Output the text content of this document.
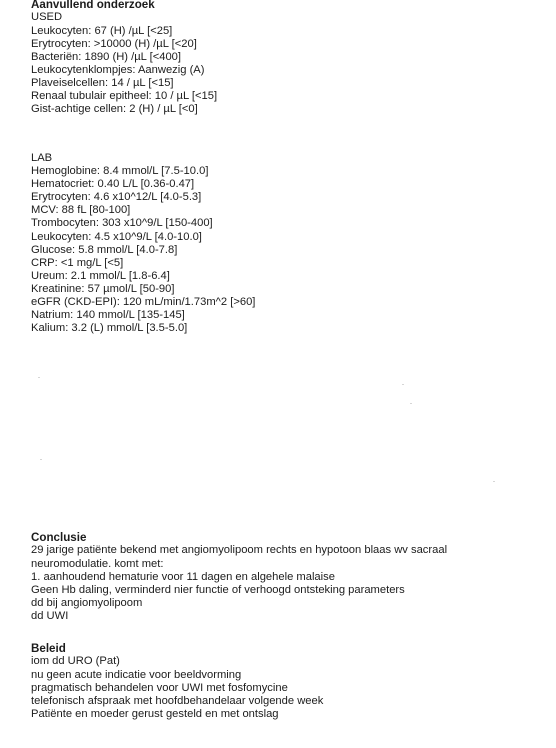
Aanvullend onderzoek
USED
Leukocyten: 67 (H) /µL [<25]
Erytrocyten: >10000 (H) /µL [<20]
Bacteriën: 1890 (H) /µL [<400]
Leukocytenklompjes: Aanwezig (A)
Plaveiselcellen: 14 / µL [<15]
Renaal tubulair epitheel: 10 / µL [<15]
Gist-achtige cellen: 2 (H) / µL [<0]
LAB
Hemoglobine: 8.4 mmol/L [7.5-10.0]
Hematocriet: 0.40 L/L [0.36-0.47]
Erytrocyten: 4.6 x10^12/L [4.0-5.3]
MCV: 88 fL [80-100]
Trombocyten: 303 x10^9/L [150-400]
Leukocyten: 4.5 x10^9/L [4.0-10.0]
Glucose: 5.8 mmol/L [4.0-7.8]
CRP: <1 mg/L [<5]
Ureum: 2.1 mmol/L [1.8-6.4]
Kreatinine: 57 µmol/L [50-90]
eGFR (CKD-EPI): 120 mL/min/1.73m^2 [>60]
Natrium: 140 mmol/L [135-145]
Kalium: 3.2 (L) mmol/L [3.5-5.0]
Conclusie
29 jarige patiënte bekend met angiomyolipoom rechts en hypotoon blaas wv sacraal
neuromodulatie. komt met:
1. aanhoudend hematurie voor 11 dagen en algehele malaise
Geen Hb daling, verminderd nier functie of verhoogd ontsteking parameters
dd bij angiomyolipoom
dd UWI
Beleid
iom dd URO (Pat)
nu geen acute indicatie voor beeldvorming
pragmatisch behandelen voor UWI met fosfomycine
telefonisch afspraak met hoofdbehandelaar volgende week
Patiënte en moeder gerust gesteld en met ontslag
